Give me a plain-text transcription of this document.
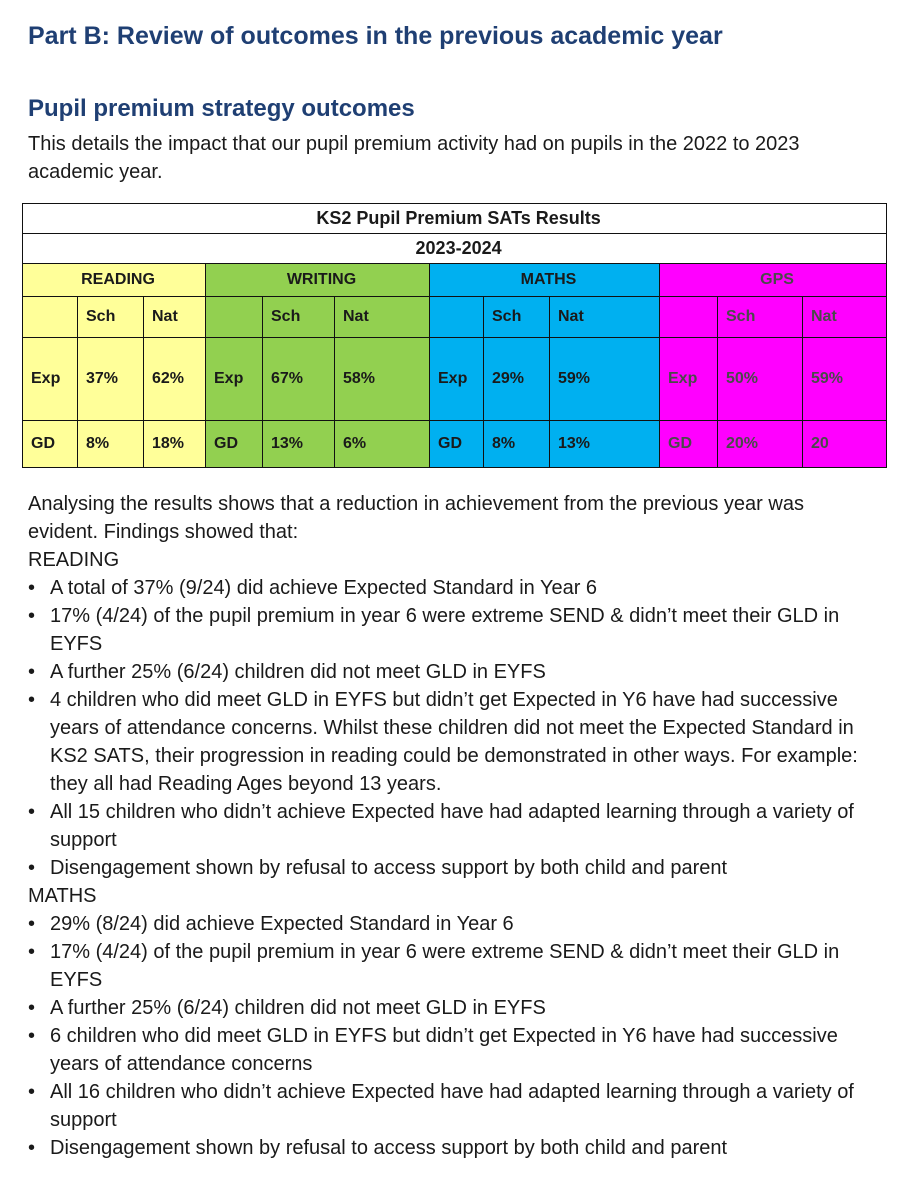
Part B: Review of outcomes in the previous academic year
Pupil premium strategy outcomes

This details the impact that our pupil premium activity had on pupils in the 2022 to 2023 academic year.

KS2 Pupil Premium SATs Results											
2023-2024											
READING			WRITING			MATHS			GPS		
	Sch	Nat		Sch	Nat		Sch	Nat		Sch	Nat
Exp	37%	62%	Exp	67%	58%	Exp	29%	59%	Exp	50%	59%
GD	8%	18%	GD	13%	6%	GD	8%	13%	GD	20%	20

Analysing the results shows that a reduction in achievement from the previous year was evident. Findings showed that:

READING

• A total of 37% (9/24) did achieve Expected Standard in Year 6
• 17% (4/24) of the pupil premium in year 6 were extreme SEND & didn’t meet their GLD in EYFS
• A further 25% (6/24) children did not meet GLD in EYFS
• 4 children who did meet GLD in EYFS but didn’t get Expected in Y6 have had successive years of attendance concerns. Whilst these children did not meet the Expected Standard in KS2 SATS, their progression in reading could be demonstrated in other ways. For example: they all had Reading Ages beyond 13 years.
• All 15 children who didn’t achieve Expected have had adapted learning through a variety of support
• Disengagement shown by refusal to access support by both child and parent

MATHS

• 29% (8/24) did achieve Expected Standard in Year 6
• 17% (4/24) of the pupil premium in year 6 were extreme SEND & didn’t meet their GLD in EYFS
• A further 25% (6/24) children did not meet GLD in EYFS
• 6 children who did meet GLD in EYFS but didn’t get Expected in Y6 have had successive years of attendance concerns
• All 16 children who didn’t achieve Expected have had adapted learning through a variety of support
• Disengagement shown by refusal to access support by both child and parent
